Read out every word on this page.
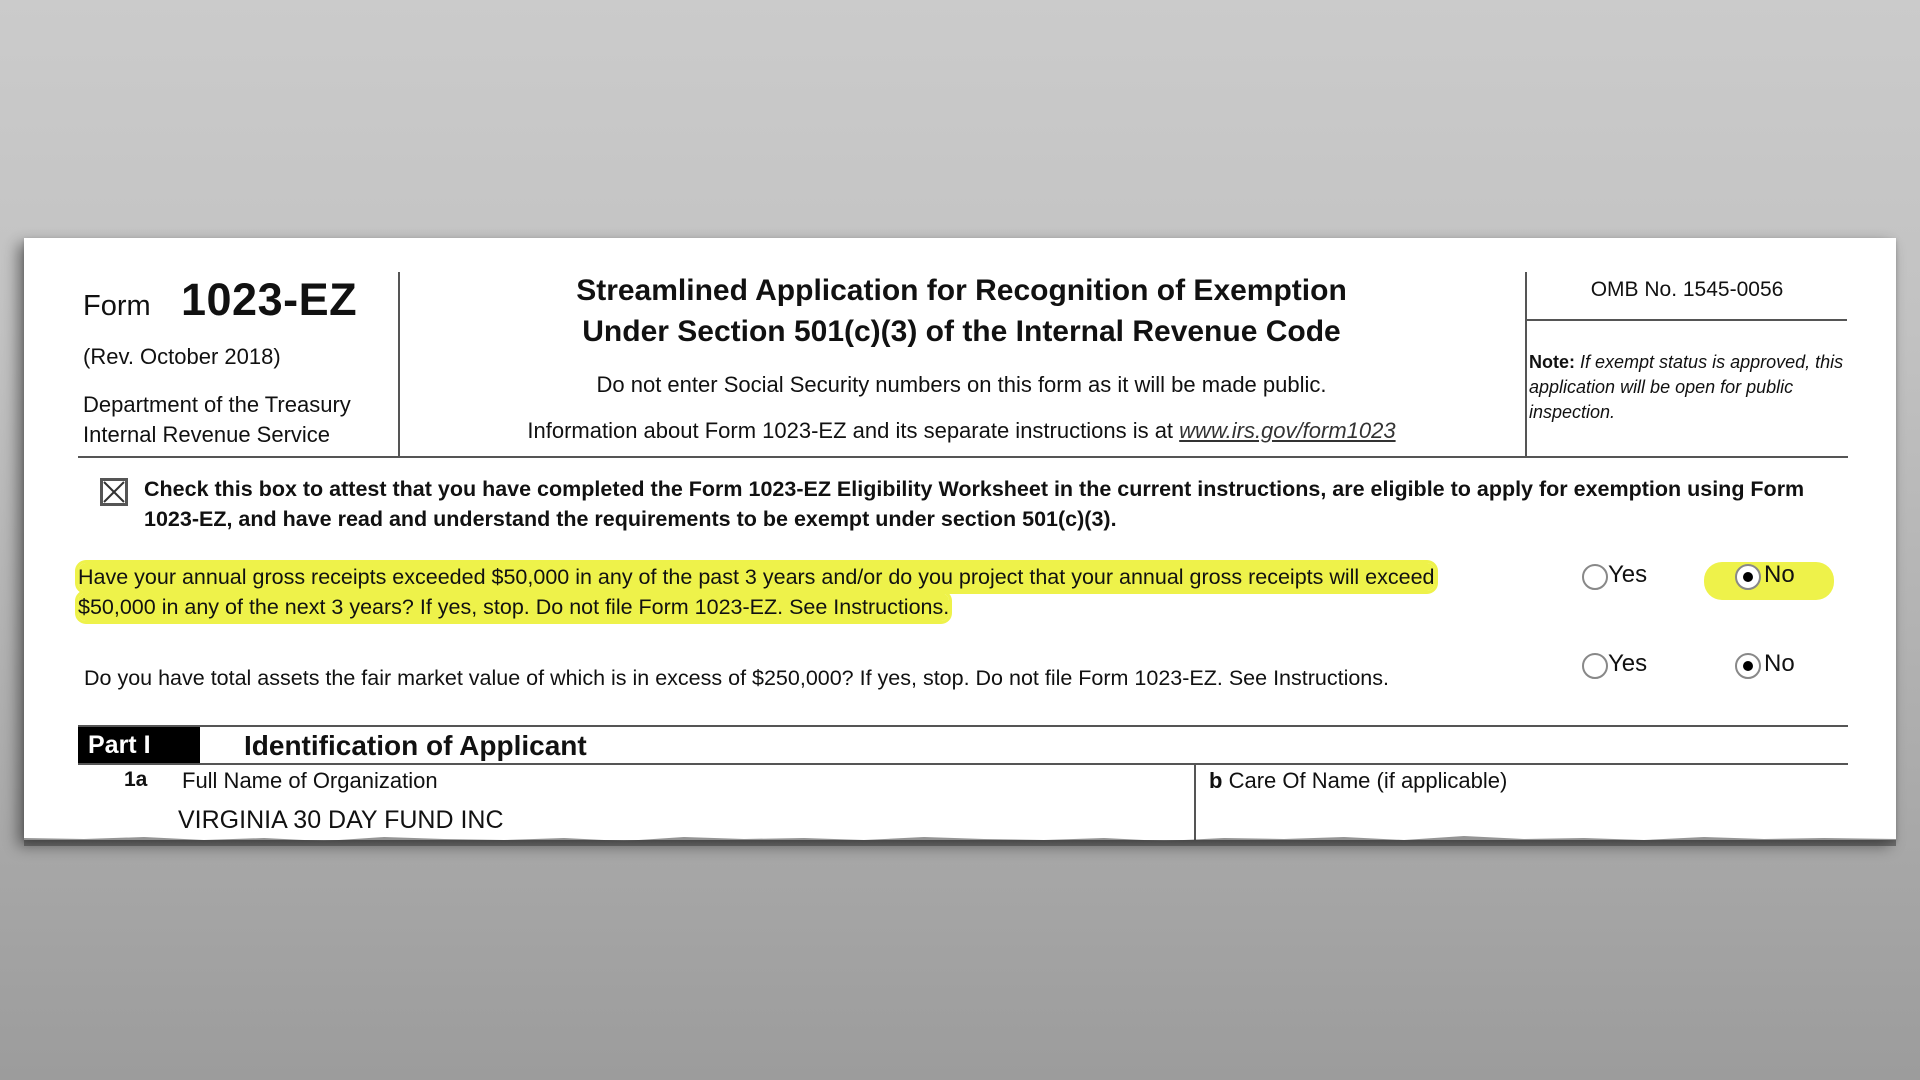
Form 1023-EZ
(Rev. October 2018)
Department of the Treasury
Internal Revenue Service
Streamlined Application for Recognition of Exemption
Under Section 501(c)(3) of the Internal Revenue Code
Do not enter Social Security numbers on this form as it will be made public.
Information about Form 1023-EZ and its separate instructions is at www.irs.gov/form1023
OMB No. 1545-0056
Note: If exempt status is approved, this application will be open for public inspection.
Check this box to attest that you have completed the Form 1023-EZ Eligibility Worksheet in the current instructions, are eligible to apply for exemption using Form 1023-EZ, and have read and understand the requirements to be exempt under section 501(c)(3).
Have your annual gross receipts exceeded $50,000 in any of the past 3 years and/or do you project that your annual gross receipts will exceed
$50,000 in any of the next 3 years? If yes, stop. Do not file Form 1023-EZ. See Instructions.
Yes	No
Do you have total assets the fair market value of which is in excess of $250,000? If yes, stop. Do not file Form 1023-EZ. See Instructions.
Yes	No
Part I	Identification of Applicant
1a Full Name of Organization
VIRGINIA 30 DAY FUND INC
b Care Of Name (if applicable)
